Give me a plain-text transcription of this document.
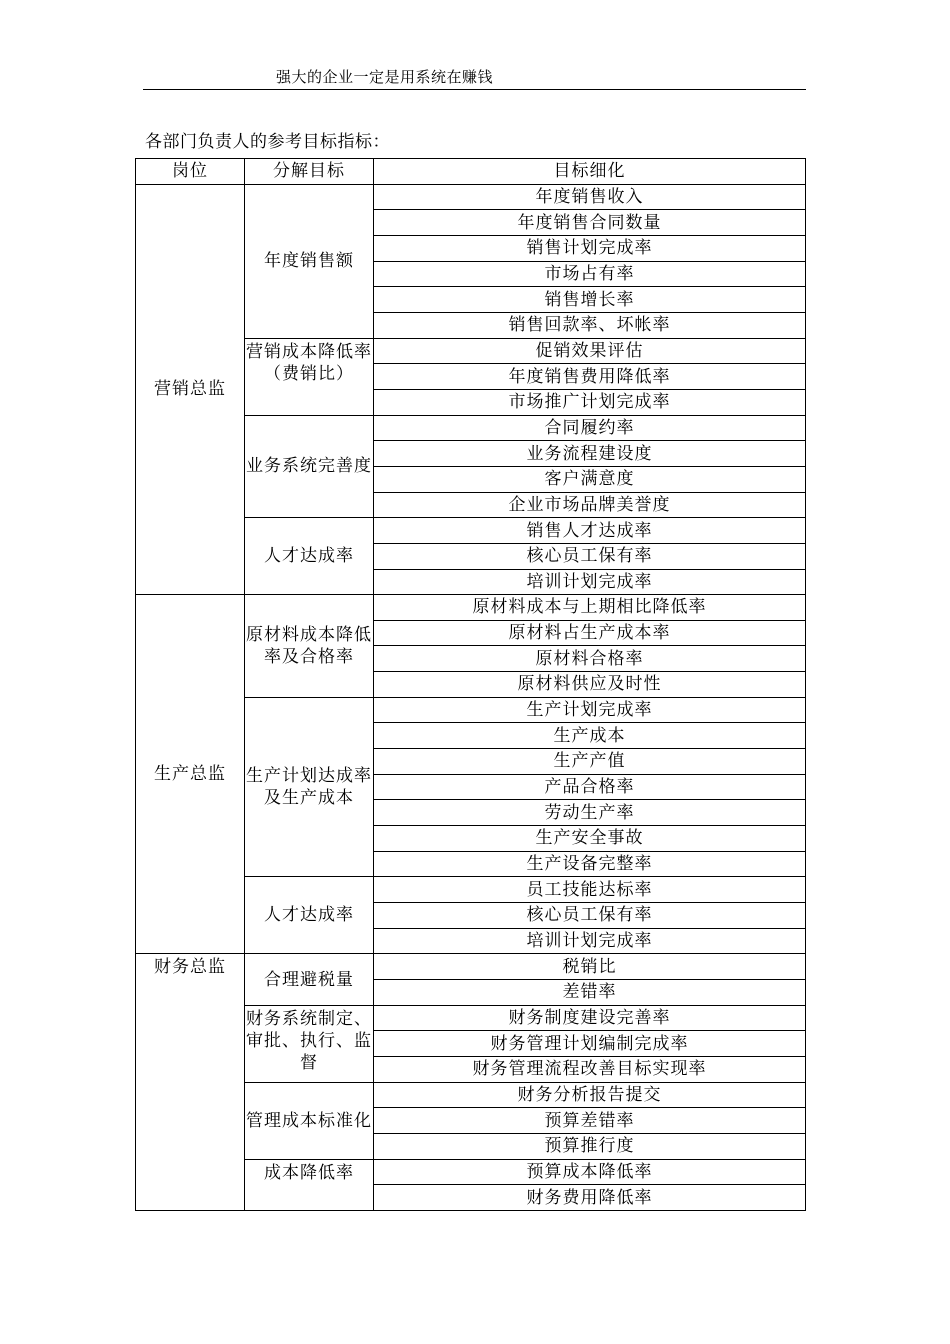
强大的企业一定是用系统在赚钱
各部门负责人的参考目标指标：
岗位	分解目标	目标细化
营销总监	年度销售额	年度销售收入
		年度销售合同数量
		销售计划完成率
		市场占有率
		销售增长率
		销售回款率、坏帐率
	营销成本降低率（费销比）	促销效果评估
		年度销售费用降低率
		市场推广计划完成率
	业务系统完善度	合同履约率
		业务流程建设度
		客户满意度
		企业市场品牌美誉度
	人才达成率	销售人才达成率
		核心员工保有率
		培训计划完成率
生产总监	原材料成本降低率及合格率	原材料成本与上期相比降低率
		原材料占生产成本率
		原材料合格率
		原材料供应及时性
	生产计划达成率及生产成本	生产计划完成率
		生产成本
		生产产值
		产品合格率
		劳动生产率
		生产安全事故
		生产设备完整率
	人才达成率	员工技能达标率
		核心员工保有率
		培训计划完成率
财务总监	合理避税量	税销比
		差错率
	财务系统制定、审批、执行、监督	财务制度建设完善率
		财务管理计划编制完成率
		财务管理流程改善目标实现率
	管理成本标准化	财务分析报告提交
		预算差错率
		预算推行度
	成本降低率	预算成本降低率
		财务费用降低率
